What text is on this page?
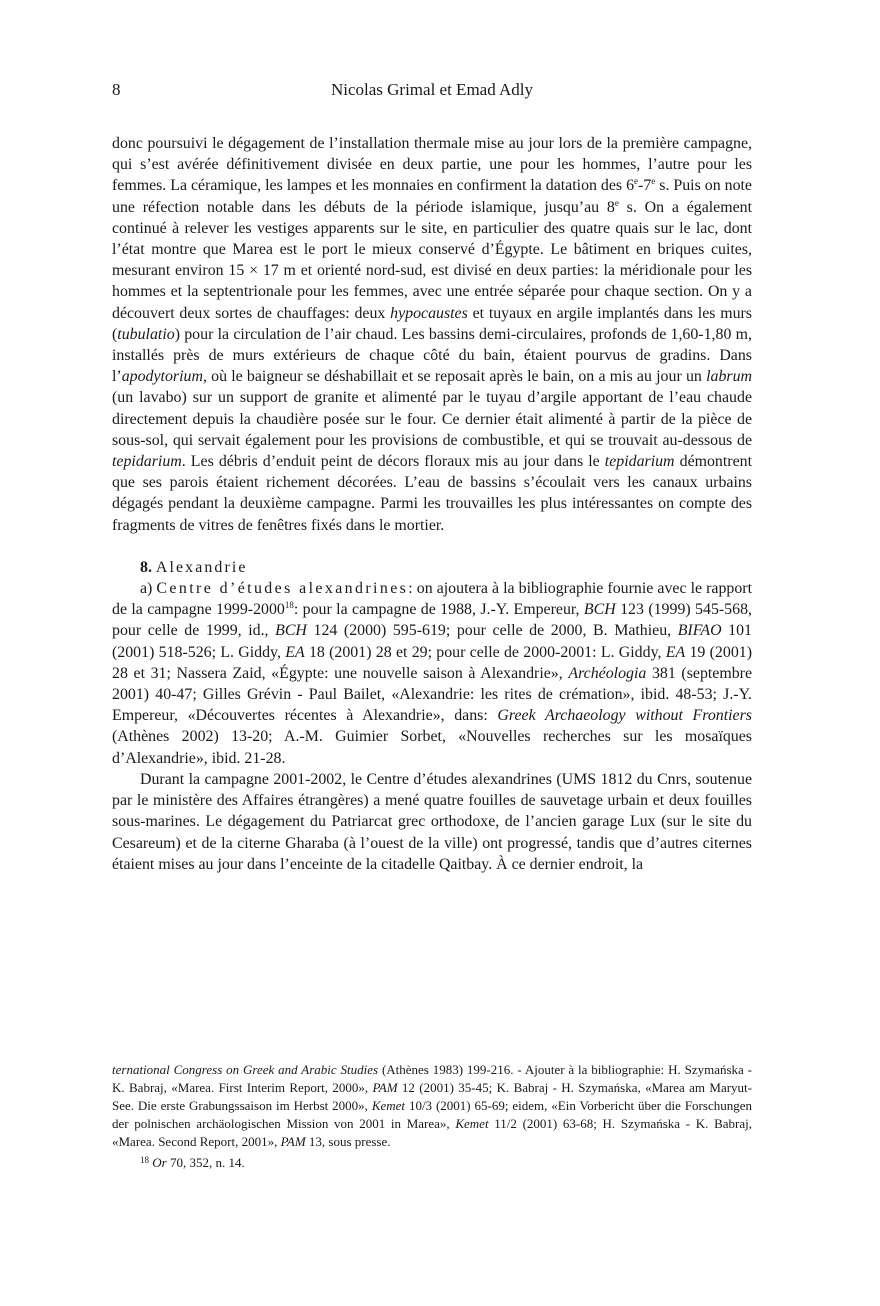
8	Nicolas Grimal et Emad Adly

donc poursuivi le dégagement de l’installation thermale mise au jour lors de la première campagne, qui s’est avérée définitivement divisée en deux partie, une pour les hommes, l’autre pour les femmes. La céramique, les lampes et les monnaies en confirment la datation des 6e-7e s. Puis on note une réfection notable dans les débuts de la période islamique, jusqu’au 8e s. On a également continué à relever les vestiges apparents sur le site, en particulier des quatre quais sur le lac, dont l’état montre que Marea est le port le mieux conservé d’Égypte. Le bâtiment en briques cuites, mesurant environ 15 × 17 m et orienté nord-sud, est divisé en deux parties: la méridionale pour les hommes et la septentrionale pour les femmes, avec une entrée séparée pour chaque section. On y a découvert deux sortes de chauffages: deux hypocaustes et tuyaux en argile implantés dans les murs (tubulatio) pour la circulation de l’air chaud. Les bassins demi-circulaires, profonds de 1,60-1,80 m, installés près de murs extérieurs de chaque côté du bain, étaient pourvus de gradins. Dans l’apodytorium, où le baigneur se déshabillait et se reposait après le bain, on a mis au jour un labrum (un lavabo) sur un support de granite et alimenté par le tuyau d’argile apportant de l’eau chaude directement depuis la chaudière posée sur le four. Ce dernier était alimenté à partir de la pièce de sous-sol, qui servait également pour les provisions de combustible, et qui se trouvait au-dessous de tepidarium. Les débris d’enduit peint de décors floraux mis au jour dans le tepidarium démontrent que ses parois étaient richement décorées. L’eau de bassins s’écoulait vers les canaux urbains dégagés pendant la deuxième campagne. Parmi les trouvailles les plus intéressantes on compte des fragments de vitres de fenêtres fixés dans le mortier.

8. Alexandrie

a) Centre d’études alexandrines: on ajoutera à la bibliographie fournie avec le rapport de la campagne 1999-2000$^{18}$: pour la campagne de 1988, J.-Y. Empereur, BCH 123 (1999) 545-568, pour celle de 1999, id., BCH 124 (2000) 595-619; pour celle de 2000, B. Mathieu, BIFAO 101 (2001) 518-526; L. Giddy, EA 18 (2001) 28 et 29; pour celle de 2000-2001: L. Giddy, EA 19 (2001) 28 et 31; Nassera Zaid, «Égypte: une nouvelle saison à Alexandrie», Archéologia 381 (septembre 2001) 40-47; Gilles Grévin - Paul Bailet, «Alexandrie: les rites de crémation», ibid. 48-53; J.-Y. Empereur, «Découvertes récentes à Alexandrie», dans: Greek Archaeology without Frontiers (Athènes 2002) 13-20; A.-M. Guimier Sorbet, «Nouvelles recherches sur les mosaïques d’Alexandrie», ibid. 21-28.

Durant la campagne 2001-2002, le Centre d’études alexandrines (UMS 1812 du Cnrs, soutenue par le ministère des Affaires étrangères) a mené quatre fouilles de sauvetage urbain et deux fouilles sous-marines. Le dégagement du Patriarcat grec orthodoxe, de l’ancien garage Lux (sur le site du Cesareum) et de la citerne Gharaba (à l’ouest de la ville) ont progressé, tandis que d’autres citernes étaient mises au jour dans l’enceinte de la citadelle Qaitbay. À ce dernier endroit, la

ternational Congress on Greek and Arabic Studies (Athènes 1983) 199-216. - Ajouter à la bibliographie: H. Szymańska - K. Babraj, «Marea. First Interim Report, 2000», PAM 12 (2001) 35-45; K. Babraj - H. Szymańska, «Marea am Maryut-See. Die erste Grabungssaison im Herbst 2000», Kemet 10/3 (2001) 65-69; eidem, «Ein Vorbericht über die Forschungen der polnischen archäologischen Mission von 2001 in Marea», Kemet 11/2 (2001) 63-68; H. Szymańska - K. Babraj, «Marea. Second Report, 2001», PAM 13, sous presse.

$^{18}$ Or 70, 352, n. 14.
